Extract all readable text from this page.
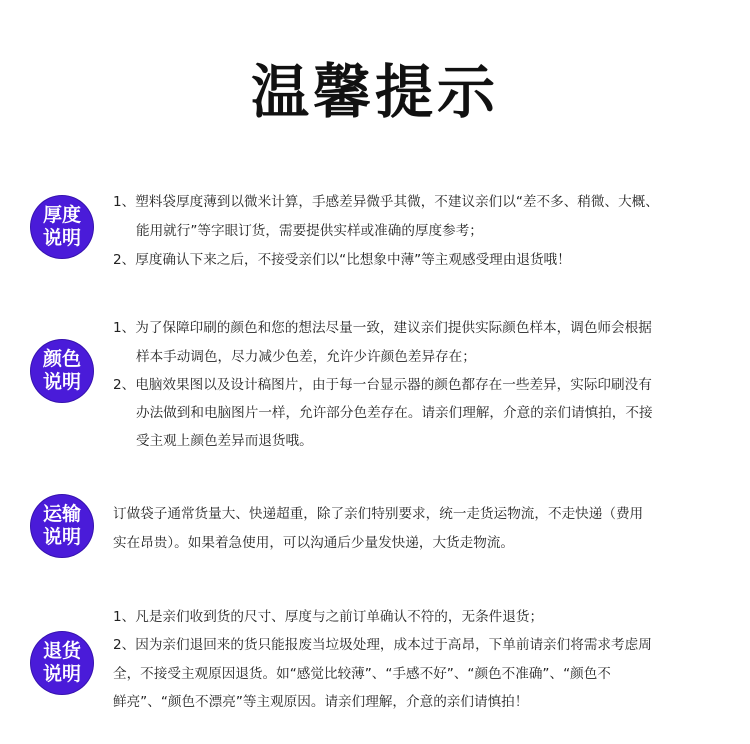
温馨提示
厚度
说明
1、塑料袋厚度薄到以微米计算，手感差异微乎其微，不建议亲们以“差不多、稍微、大概、
能用就行”等字眼订货，需要提供实样或准确的厚度参考；
2、厚度确认下来之后，不接受亲们以“比想象中薄”等主观感受理由退货哦！
颜色
说明
1、为了保障印刷的颜色和您的想法尽量一致，建议亲们提供实际颜色样本，调色师会根据
样本手动调色，尽力减少色差，允许少许颜色差异存在；
2、电脑效果图以及设计稿图片，由于每一台显示器的颜色都存在一些差异，实际印刷没有
办法做到和电脑图片一样，允许部分色差存在。请亲们理解，介意的亲们请慎拍，不接
受主观上颜色差异而退货哦。
运输
说明
订做袋子通常货量大、快递超重，除了亲们特别要求，统一走货运物流，不走快递（费用
实在昂贵）。如果着急使用，可以沟通后少量发快递，大货走物流。
退货
说明
1、凡是亲们收到货的尺寸、厚度与之前订单确认不符的，无条件退货；
2、因为亲们退回来的货只能报废当垃圾处理，成本过于高昂，下单前请亲们将需求考虑周
全，不接受主观原因退货。如“感觉比较薄”、“手感不好”、“颜色不准确”、“颜色不
鲜亮”、“颜色不漂亮”等主观原因。请亲们理解，介意的亲们请慎拍！
